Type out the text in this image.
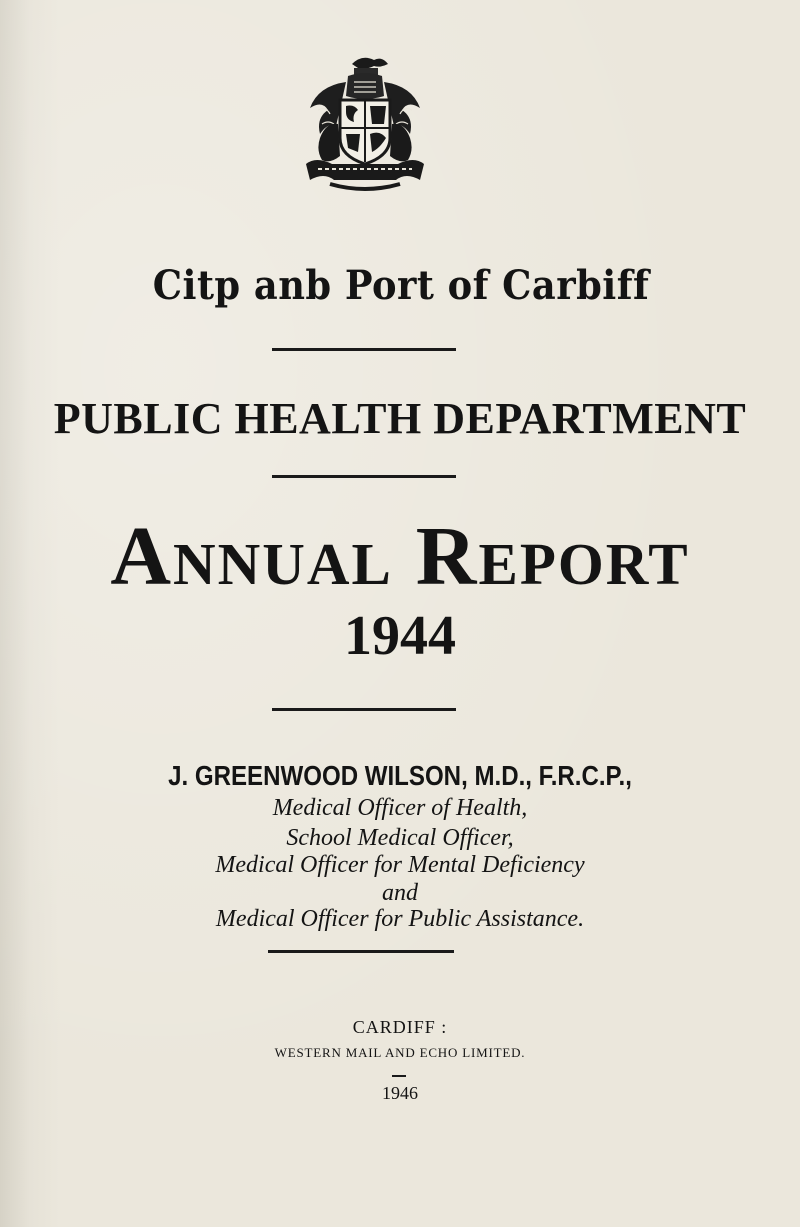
Citp anb Port of Carbiff
PUBLIC HEALTH DEPARTMENT
Annual Report
1944
J. GREENWOOD WILSON, M.D., F.R.C.P.,
Medical Officer of Health,
School Medical Officer,
Medical Officer for Mental Deficiency
and
Medical Officer for Public Assistance.
CARDIFF :
WESTERN MAIL AND ECHO LIMITED.
1946
